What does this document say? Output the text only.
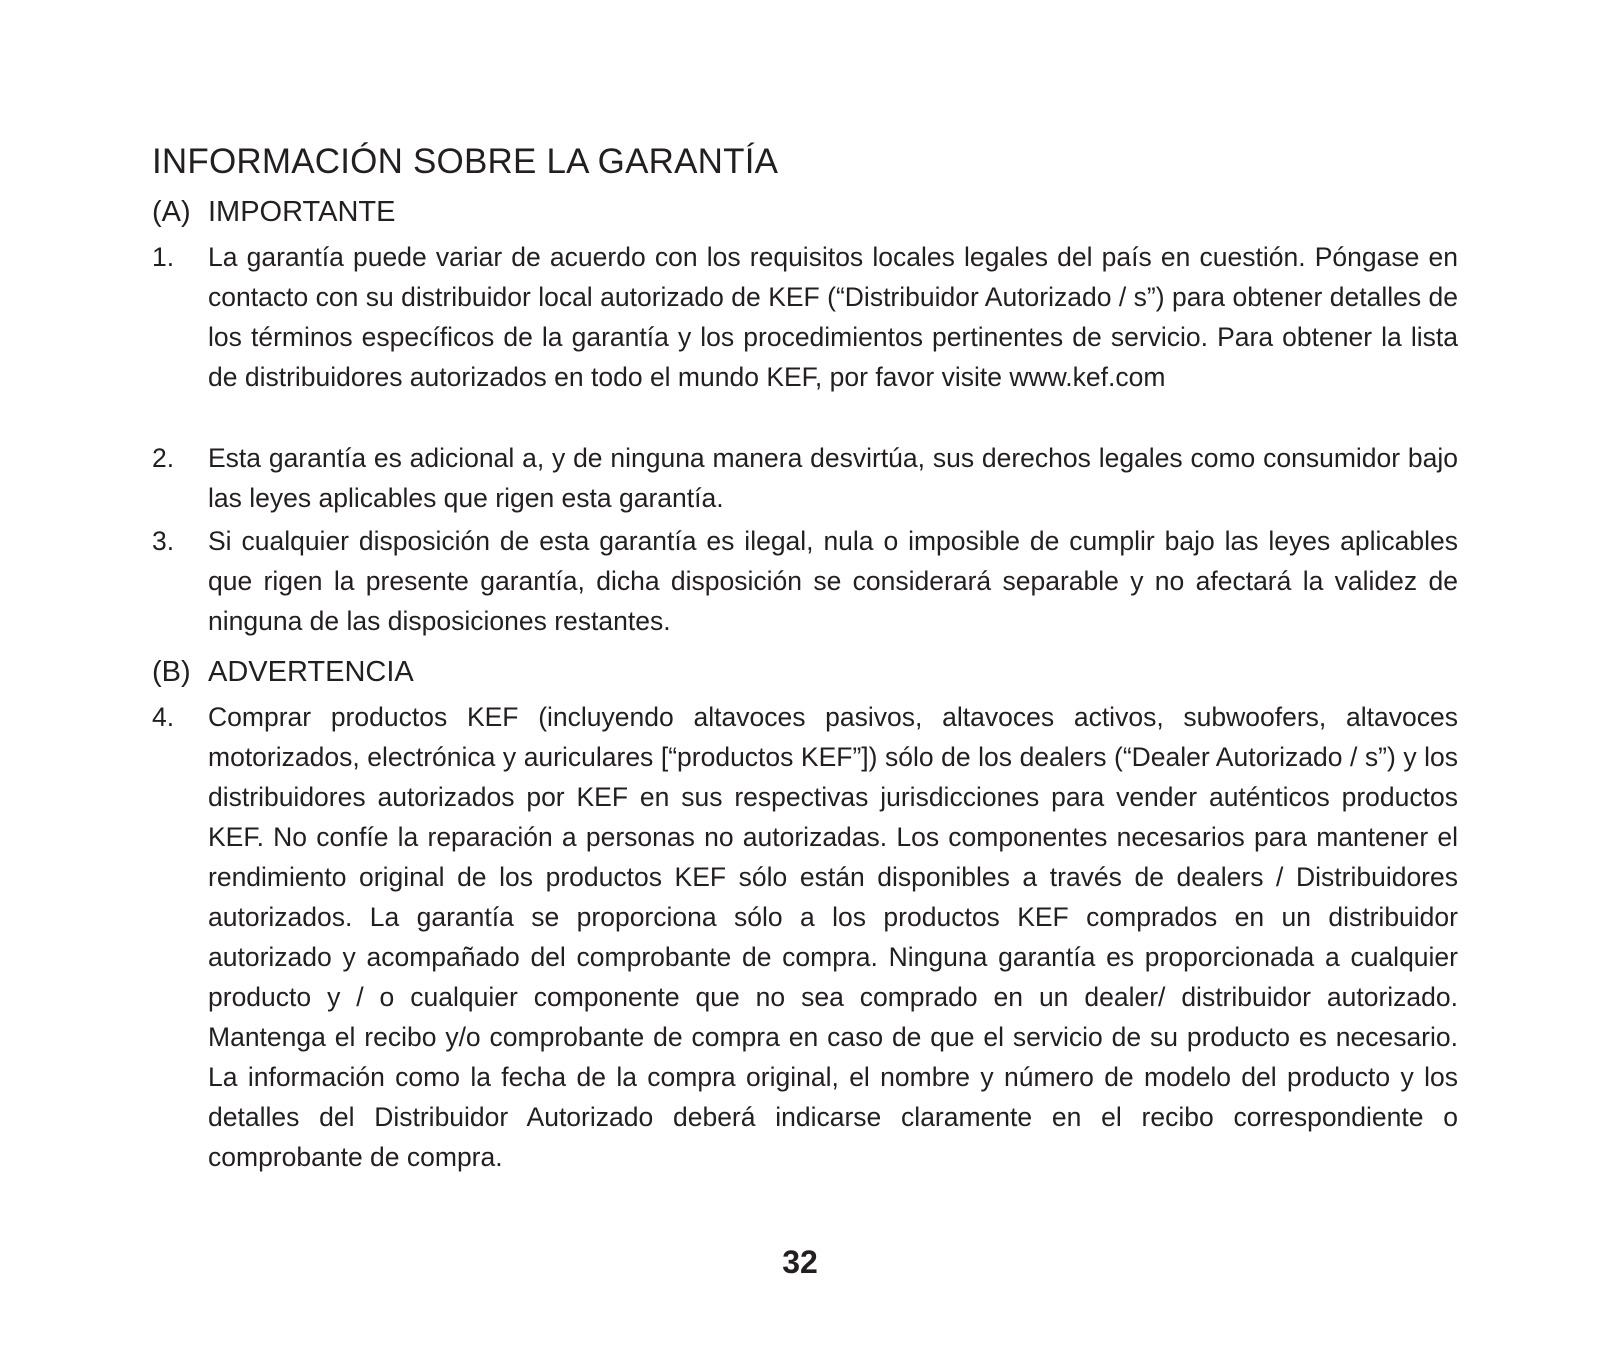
INFORMACIÓN SOBRE LA GARANTÍA
(A) IMPORTANTE
1.	La garantía puede variar de acuerdo con los requisitos locales legales del país en cuestión. Póngase en contacto con su distribuidor local autorizado de KEF (“Distribuidor Autorizado / s”) para obtener detalles de los términos específicos de la garantía y los procedimientos pertinentes de servicio. Para obtener la lista de distribuidores autorizados en todo el mundo KEF, por favor visite www.kef.com
2.	Esta garantía es adicional a, y de ninguna manera desvirtúa, sus derechos legales como consumidor bajo las leyes aplicables que rigen esta garantía.
3.	Si cualquier disposición de esta garantía es ilegal, nula o imposible de cumplir bajo las leyes aplicables que rigen la presente garantía, dicha disposición se considerará separable y no afectará la validez de ninguna de las disposiciones restantes.
(B) ADVERTENCIA
4.	Comprar productos KEF (incluyendo altavoces pasivos, altavoces activos, subwoofers, altavoces motorizados, electrónica y auriculares [“productos KEF”]) sólo de los dealers (“Dealer Autorizado / s”) y los distribuidores autorizados por KEF en sus respectivas jurisdicciones para vender auténticos productos KEF. No confíe la reparación a personas no autorizadas. Los componentes necesarios para mantener el rendimiento original de los productos KEF sólo están disponibles a través de dealers / Distribuidores autorizados. La garantía se proporciona sólo a los productos KEF comprados en un distribuidor autorizado y acompañado del comprobante de compra. Ninguna garantía es proporcionada a cualquier producto y / o cualquier componente que no sea comprado en un dealer/ distribuidor autorizado. Mantenga el recibo y/o comprobante de compra en caso de que el servicio de su producto es necesario. La información como la fecha de la compra original, el nombre y número de modelo del producto y los detalles del Distribuidor Autorizado deberá indicarse claramente en el recibo correspondiente o comprobante de compra.
32
